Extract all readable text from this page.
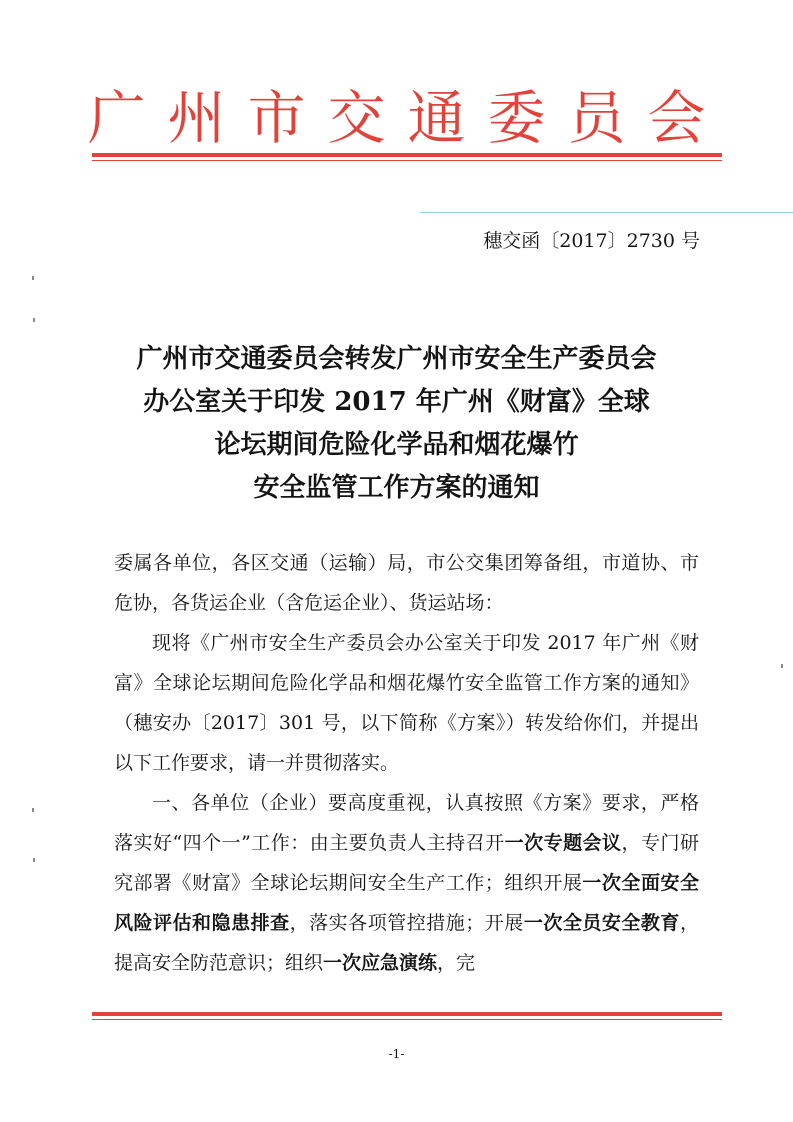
广州市交通委员会
穗交函〔2017〕2730 号
广州市交通委员会转发广州市安全生产委员会
办公室关于印发 2017 年广州《财富》全球
论坛期间危险化学品和烟花爆竹
安全监管工作方案的通知

委属各单位，各区交通（运输）局，市公交集团筹备组，市道协、市危协，各货运企业（含危运企业）、货运站场：

现将《广州市安全生产委员会办公室关于印发 2017 年广州《财富》全球论坛期间危险化学品和烟花爆竹安全监管工作方案的通知》（穗安办〔2017〕301 号，以下简称《方案》）转发给你们，并提出以下工作要求，请一并贯彻落实。

一、各单位（企业）要高度重视，认真按照《方案》要求，严格落实好“四个一”工作：由主要负责人主持召开一次专题会议，专门研究部署《财富》全球论坛期间安全生产工作；组织开展一次全面安全风险评估和隐患排查，落实各项管控措施；开展一次全员安全教育，提高安全防范意识；组织一次应急演练，完

-1-
